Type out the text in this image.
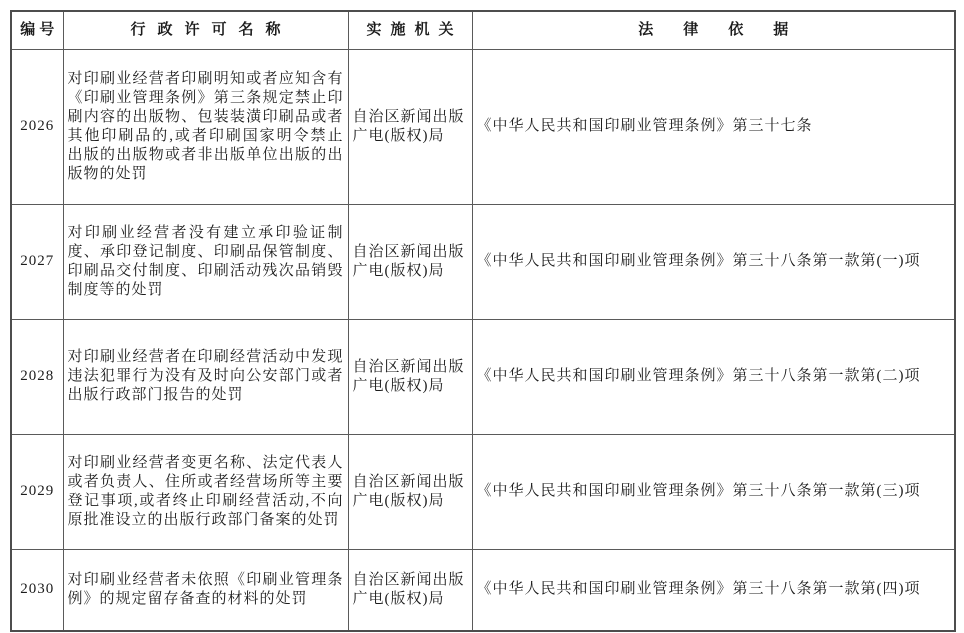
编号	行政许可名称	实施机关	法律依据
2026	对印刷业经营者印刷明知或者应知含有《印刷业管理条例》第三条规定禁止印刷内容的出版物、包装装潢印刷品或者其他印刷品的,或者印刷国家明令禁止出版的出版物或者非出版单位出版的出版物的处罚	自治区新闻出版广电(版权)局	《中华人民共和国印刷业管理条例》第三十七条
2027	对印刷业经营者没有建立承印验证制度、承印登记制度、印刷品保管制度、印刷品交付制度、印刷活动残次品销毁制度等的处罚	自治区新闻出版广电(版权)局	《中华人民共和国印刷业管理条例》第三十八条第一款第(一)项
2028	对印刷业经营者在印刷经营活动中发现违法犯罪行为没有及时向公安部门或者出版行政部门报告的处罚	自治区新闻出版广电(版权)局	《中华人民共和国印刷业管理条例》第三十八条第一款第(二)项
2029	对印刷业经营者变更名称、法定代表人或者负责人、住所或者经营场所等主要登记事项,或者终止印刷经营活动,不向原批准设立的出版行政部门备案的处罚	自治区新闻出版广电(版权)局	《中华人民共和国印刷业管理条例》第三十八条第一款第(三)项
2030	对印刷业经营者未依照《印刷业管理条例》的规定留存备查的材料的处罚	自治区新闻出版广电(版权)局	《中华人民共和国印刷业管理条例》第三十八条第一款第(四)项
